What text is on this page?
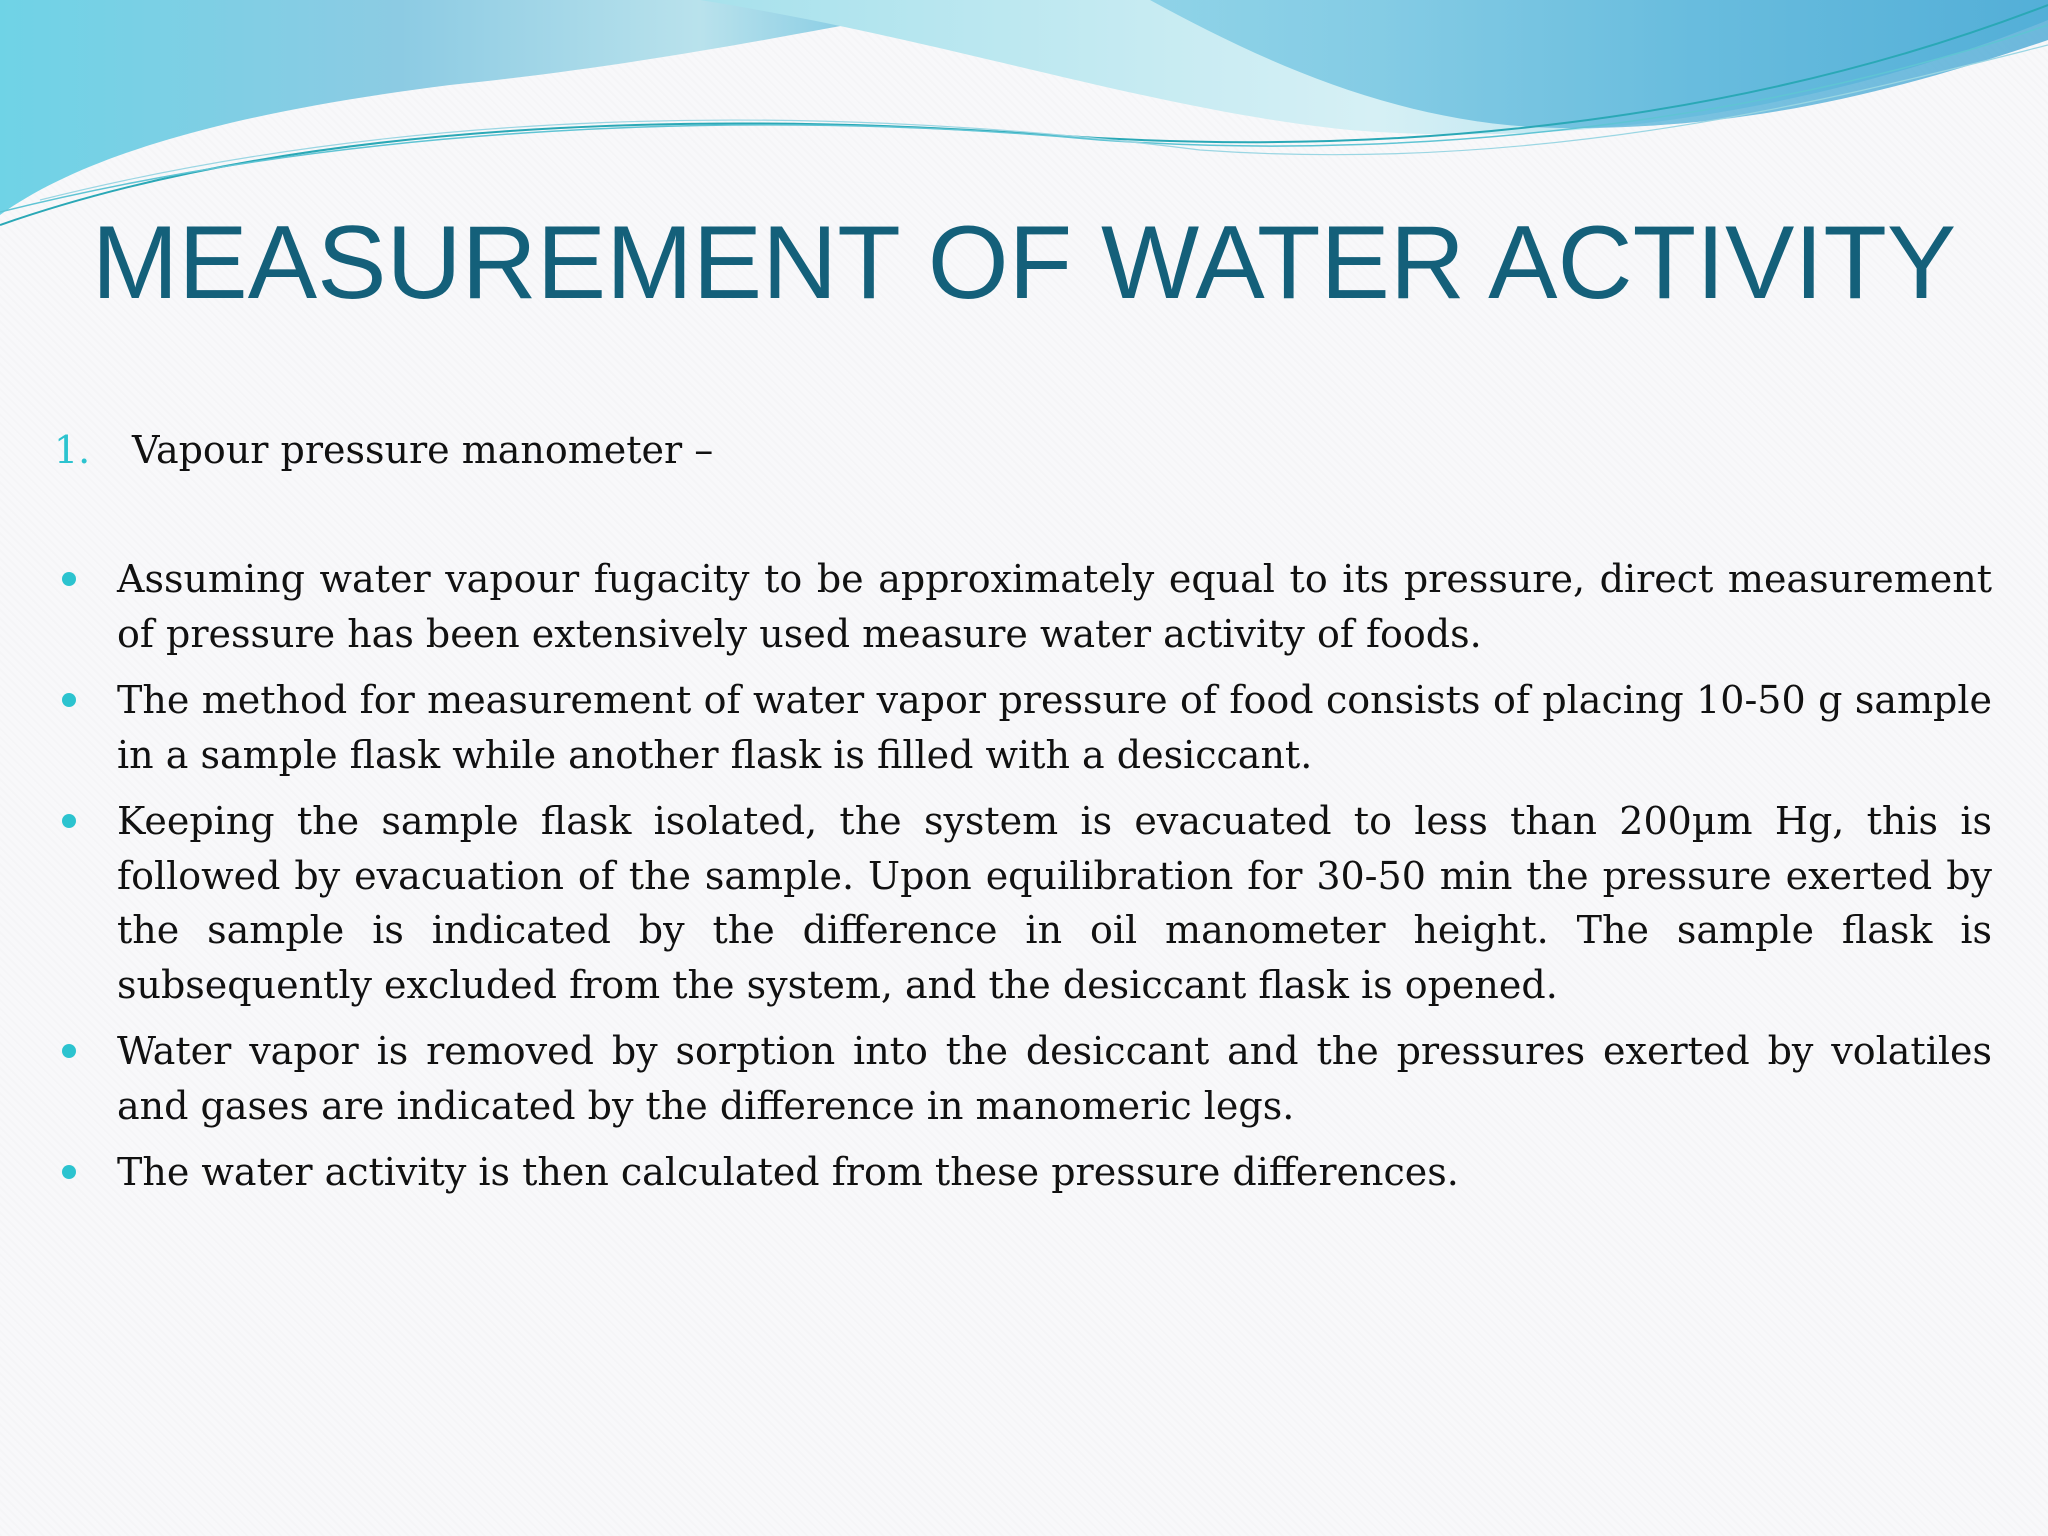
MEASUREMENT OF WATER ACTIVITY
1. Vapour pressure manometer –
Assuming water vapour fugacity to be approximately equal to its pressure, direct measurement of pressure has been extensively used measure water activity of foods.
The method for measurement of water vapor pressure of food consists of placing 10-50 g sample in a sample flask while another flask is filled with a desiccant.
Keeping the sample flask isolated, the system is evacuated to less than 200µm Hg, this is followed by evacuation of the sample. Upon equilibration for 30-50 min the pressure exerted by the sample is indicated by the difference in oil manometer height. The sample flask is subsequently excluded from the system, and the desiccant flask is opened.
Water vapor is removed by sorption into the desiccant and the pressures exerted by volatiles and gases are indicated by the difference in manomeric legs.
The water activity is then calculated from these pressure differences.
